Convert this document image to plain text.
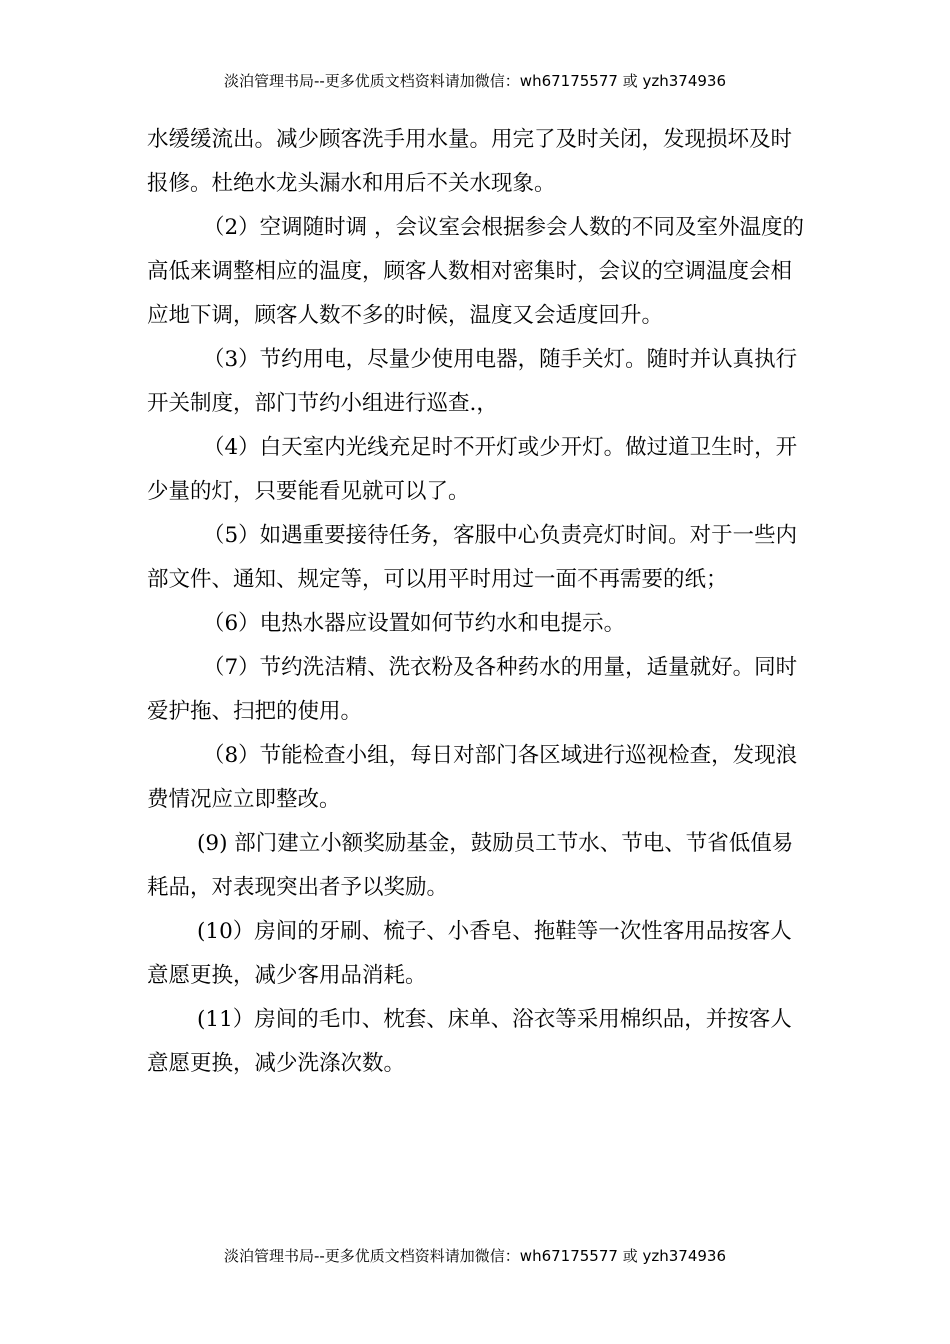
淡泊管理书局--更多优质文档资料请加微信：wh67175577 或 yzh374936

水缓缓流出。减少顾客洗手用水量。用完了及时关闭，发现损坏及时报修。杜绝水龙头漏水和用后不关水现象。

（2）空调随时调 ，会议室会根据参会人数的不同及室外温度的高低来调整相应的温度，顾客人数相对密集时，会议的空调温度会相应地下调，顾客人数不多的时候，温度又会适度回升。

（3）节约用电，尽量少使用电器，随手关灯。随时并认真执行开关制度，部门节约小组进行巡查.，

（4）白天室内光线充足时不开灯或少开灯。做过道卫生时，开少量的灯，只要能看见就可以了。

（5）如遇重要接待任务，客服中心负责亮灯时间。对于一些内部文件、通知、规定等，可以用平时用过一面不再需要的纸；

（6）电热水器应设置如何节约水和电提示。

（7）节约洗洁精、洗衣粉及各种药水的用量，适量就好。同时爱护拖、扫把的使用。

（8）节能检查小组，每日对部门各区域进行巡视检查，发现浪费情况应立即整改。

(9) 部门建立小额奖励基金，鼓励员工节水、节电、节省低值易耗品，对表现突出者予以奖励。

(10）房间的牙刷、梳子、小香皂、拖鞋等一次性客用品按客人意愿更换，减少客用品消耗。

(11）房间的毛巾、枕套、床单、浴衣等采用棉织品，并按客人意愿更换，减少洗涤次数。

淡泊管理书局--更多优质文档资料请加微信：wh67175577 或 yzh374936
